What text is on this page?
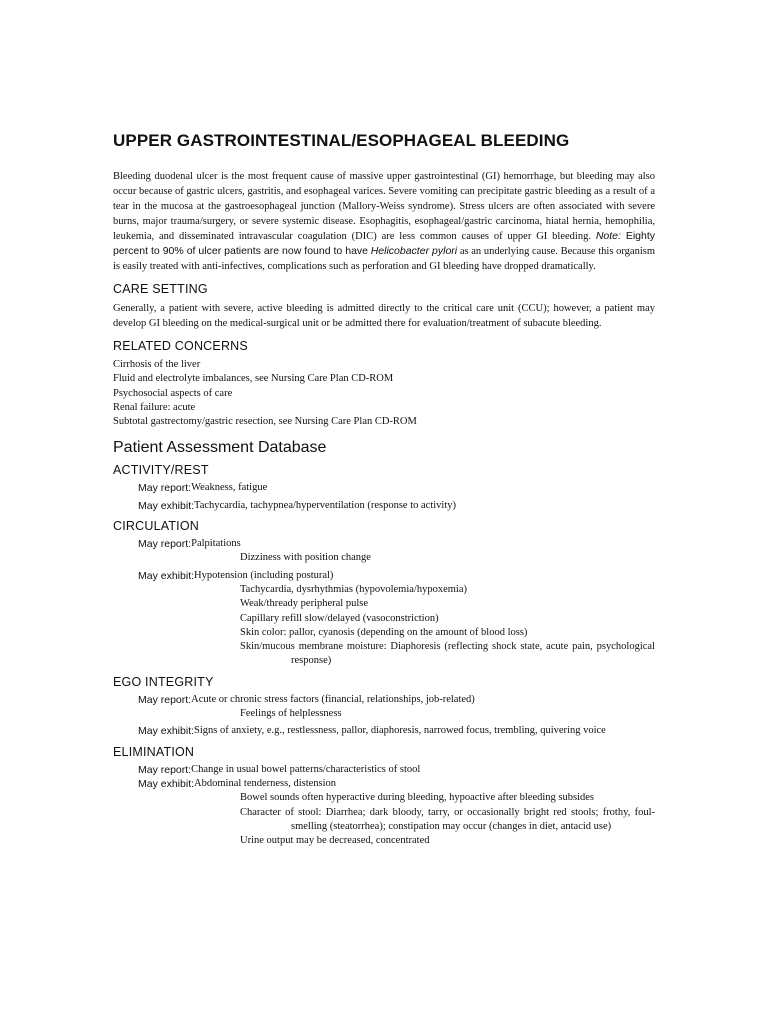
UPPER GASTROINTESTINAL/ESOPHAGEAL BLEEDING

Bleeding duodenal ulcer is the most frequent cause of massive upper gastrointestinal (GI) hemorrhage, but bleeding may also occur because of gastric ulcers, gastritis, and esophageal varices. Severe vomiting can precipitate gastric bleeding as a result of a tear in the mucosa at the gastroesophageal junction (Mallory-Weiss syndrome). Stress ulcers are often associated with severe burns, major trauma/surgery, or severe systemic disease. Esophagitis, esophageal/gastric carcinoma, hiatal hernia, hemophilia, leukemia, and disseminated intravascular coagulation (DIC) are less common causes of upper GI bleeding. Note: Eighty percent to 90% of ulcer patients are now found to have Helicobacter pylori as an underlying cause. Because this organism is easily treated with anti-infectives, complications such as perforation and GI bleeding have dropped dramatically.

CARE SETTING

Generally, a patient with severe, active bleeding is admitted directly to the critical care unit (CCU); however, a patient may develop GI bleeding on the medical-surgical unit or be admitted there for evaluation/treatment of subacute bleeding.

RELATED CONCERNS
Cirrhosis of the liver
Fluid and electrolyte imbalances, see Nursing Care Plan CD-ROM
Psychosocial aspects of care
Renal failure: acute
Subtotal gastrectomy/gastric resection, see Nursing Care Plan CD-ROM
Patient Assessment Database
ACTIVITY/REST
May report: Weakness, fatigue
May exhibit: Tachycardia, tachypnea/hyperventilation (response to activity)
CIRCULATION
May report: Palpitations
Dizziness with position change
May exhibit: Hypotension (including postural)
Tachycardia, dysrhythmias (hypovolemia/hypoxemia)
Weak/thready peripheral pulse
Capillary refill slow/delayed (vasoconstriction)
Skin color: pallor, cyanosis (depending on the amount of blood loss)
Skin/mucous membrane moisture: Diaphoresis (reflecting shock state, acute pain, psychological response)
EGO INTEGRITY
May report: Acute or chronic stress factors (financial, relationships, job-related)
Feelings of helplessness
May exhibit: Signs of anxiety, e.g., restlessness, pallor, diaphoresis, narrowed focus, trembling, quivering voice
ELIMINATION
May report: Change in usual bowel patterns/characteristics of stool
May exhibit: Abdominal tenderness, distension
Bowel sounds often hyperactive during bleeding, hypoactive after bleeding subsides
Character of stool: Diarrhea; dark bloody, tarry, or occasionally bright red stools; frothy, foul-smelling (steatorrhea); constipation may occur (changes in diet, antacid use)
Urine output may be decreased, concentrated
